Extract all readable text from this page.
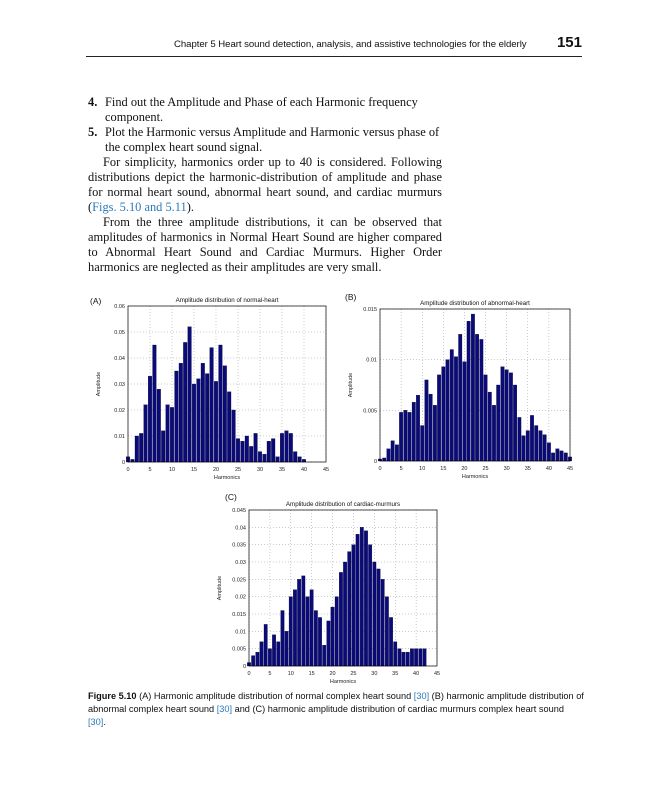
Chapter 5 Heart sound detection, analysis, and assistive technologies for the elderly 151

4. Find out the Amplitude and Phase of each Harmonic frequency component.

5. Plot the Harmonic versus Amplitude and Harmonic versus phase of the complex heart sound signal.

For simplicity, harmonics order up to 40 is considered. Following distributions depict the harmonic-distribution of amplitude and phase for normal heart sound, abnormal heart sound, and cardiac murmurs (Figs. 5.10 and 5.11).

From the three amplitude distributions, it can be observed that amplitudes of harmonics in Normal Heart Sound are higher compared to Abnormal Heart Sound and Cardiac Murmurs. Higher Order harmonics are neglected as their amplitudes are very small.

0	5	10	15	20	25	30	35	40	45
0
0.01
0.02
0.03
0.04
0.05
0.06
Amplitude distribution of normal-heart
Harmonics
Amplitude
(A)
0	5	10	15	20	25	30	35	40	45
0
0.005
0.01
0.015
Amplitude distribution of abnormal-heart
Harmonics
Amplitude
(B)
0	5	10	15	20	25	30	35	40	45
0
0.005
0.01
0.015
0.02
0.025
0.03
0.035
0.04
0.045
Amplitude distribution of cardiac-murmurs
Harmonics
Amplitude
(C)
Figure 5.10 (A) Harmonic amplitude distribution of normal complex heart sound [30] (B) harmonic amplitude distribution of abnormal complex heart sound [30] and (C) harmonic amplitude distribution of cardiac murmurs complex heart sound [30].
